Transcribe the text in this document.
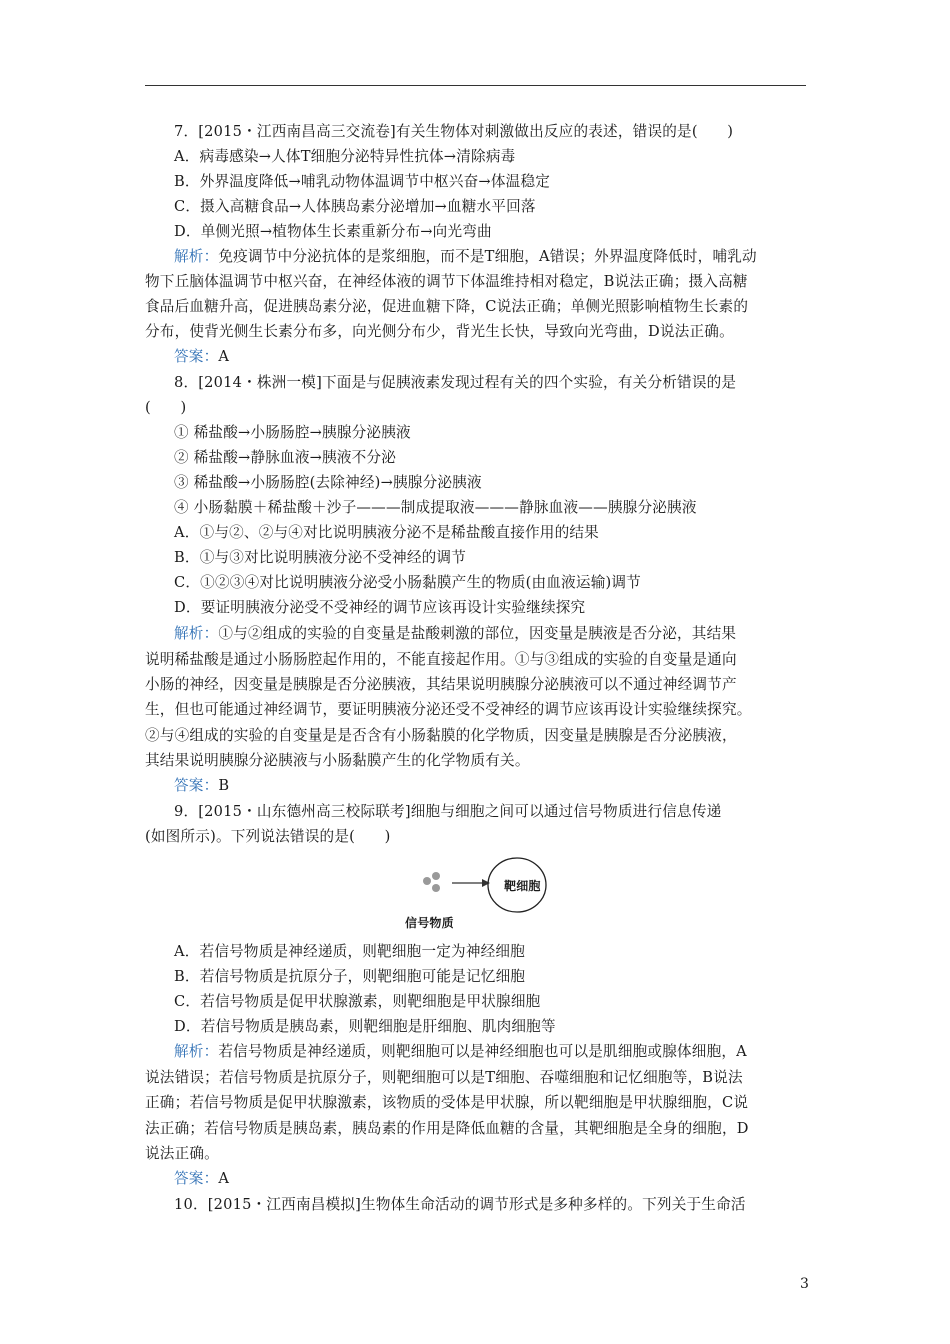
7．[2015・江西南昌高三交流卷]有关生物体对刺激做出反应的表述，错误的是(　　)
A．病毒感染→人体T细胞分泌特异性抗体→清除病毒
B．外界温度降低→哺乳动物体温调节中枢兴奋→体温稳定
C．摄入高糖食品→人体胰岛素分泌增加→血糖水平回落
D．单侧光照→植物体生长素重新分布→向光弯曲
解析：免疫调节中分泌抗体的是浆细胞，而不是T细胞，A错误；外界温度降低时，哺乳动
物下丘脑体温调节中枢兴奋，在神经体液的调节下体温维持相对稳定，B说法正确；摄入高糖
食品后血糖升高，促进胰岛素分泌，促进血糖下降，C说法正确；单侧光照影响植物生长素的
分布，使背光侧生长素分布多，向光侧分布少，背光生长快，导致向光弯曲，D说法正确。
答案：A
8．[2014・株洲一模]下面是与促胰液素发现过程有关的四个实验，有关分析错误的是
(　　)
① 稀盐酸→小肠肠腔→胰腺分泌胰液
② 稀盐酸→静脉血液→胰液不分泌
③ 稀盐酸→小肠肠腔(去除神经)→胰腺分泌胰液
④ 小肠黏膜＋稀盐酸＋沙子———制成提取液———静脉血液——胰腺分泌胰液
A．①与②、②与④对比说明胰液分泌不是稀盐酸直接作用的结果
B．①与③对比说明胰液分泌不受神经的调节
C．①②③④对比说明胰液分泌受小肠黏膜产生的物质(由血液运输)调节
D．要证明胰液分泌受不受神经的调节应该再设计实验继续探究
解析：①与②组成的实验的自变量是盐酸刺激的部位，因变量是胰液是否分泌，其结果
说明稀盐酸是通过小肠肠腔起作用的，不能直接起作用。①与③组成的实验的自变量是通向
小肠的神经，因变量是胰腺是否分泌胰液，其结果说明胰腺分泌胰液可以不通过神经调节产
生，但也可能通过神经调节，要证明胰液分泌还受不受神经的调节应该再设计实验继续探究。
②与④组成的实验的自变量是是否含有小肠黏膜的化学物质，因变量是胰腺是否分泌胰液，
其结果说明胰腺分泌胰液与小肠黏膜产生的化学物质有关。
答案：B
9．[2015・山东德州高三校际联考]细胞与细胞之间可以通过信号物质进行信息传递
(如图所示)。下列说法错误的是(　　)
靶细胞
信号物质
A．若信号物质是神经递质，则靶细胞一定为神经细胞
B．若信号物质是抗原分子，则靶细胞可能是记忆细胞
C．若信号物质是促甲状腺激素，则靶细胞是甲状腺细胞
D．若信号物质是胰岛素，则靶细胞是肝细胞、肌肉细胞等
解析：若信号物质是神经递质，则靶细胞可以是神经细胞也可以是肌细胞或腺体细胞，A
说法错误；若信号物质是抗原分子，则靶细胞可以是T细胞、吞噬细胞和记忆细胞等，B说法
正确；若信号物质是促甲状腺激素，该物质的受体是甲状腺，所以靶细胞是甲状腺细胞，C说
法正确；若信号物质是胰岛素，胰岛素的作用是降低血糖的含量，其靶细胞是全身的细胞，D
说法正确。
答案：A
10．[2015・江西南昌模拟]生物体生命活动的调节形式是多种多样的。下列关于生命活
3
